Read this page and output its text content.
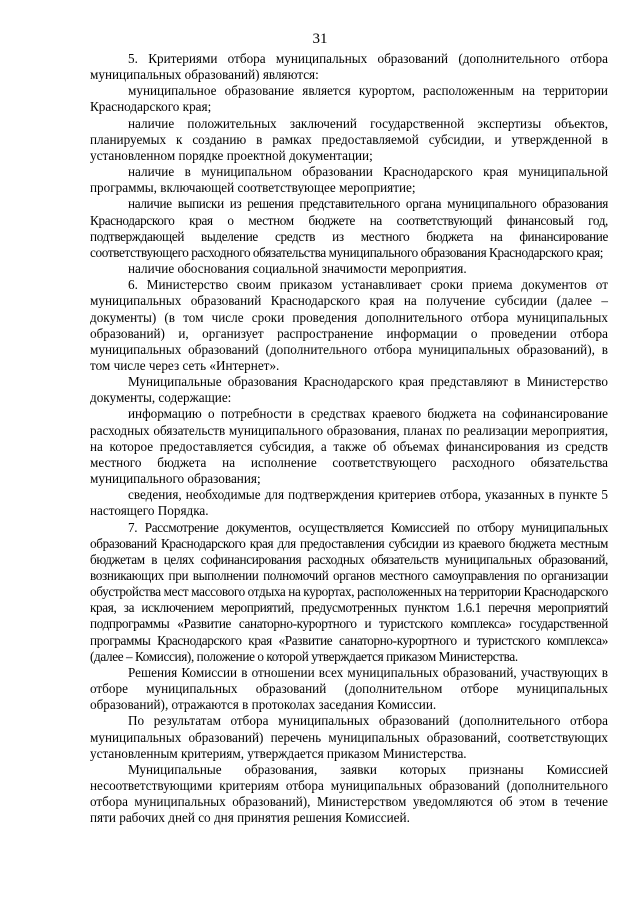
31

5. Критериями отбора муниципальных образований (дополнительного отбора муниципальных образований) являются:

муниципальное образование является курортом, расположенным на территории Краснодарского края;

наличие положительных заключений государственной экспертизы объектов, планируемых к созданию в рамках предоставляемой субсидии, и утвержденной в установленном порядке проектной документации;

наличие в муниципальном образовании Краснодарского края муниципальной программы, включающей соответствующее мероприятие;

наличие выписки из решения представительного органа муниципального образования Краснодарского края о местном бюджете на соответствующий финансовый год, подтверждающей выделение средств из местного бюджета на финансирование соответствующего расходного обязательства муниципального образования Краснодарского края;

наличие обоснования социальной значимости мероприятия.

6. Министерство своим приказом устанавливает сроки приема документов от муниципальных образований Краснодарского края на получение субсидии (далее – документы) (в том числе сроки проведения дополнительного отбора муниципальных образований) и, организует распространение информации о проведении отбора муниципальных образований (дополнительного отбора муниципальных образований), в том числе через сеть «Интернет».

Муниципальные образования Краснодарского края представляют в Министерство документы, содержащие:

информацию о потребности в средствах краевого бюджета на софинансирование расходных обязательств муниципального образования, планах по реализации мероприятия, на которое предоставляется субсидия, а также об объемах финансирования из средств местного бюджета на исполнение соответствующего расходного обязательства муниципального образования;

сведения, необходимые для подтверждения критериев отбора, указанных в пункте 5 настоящего Порядка.

7. Рассмотрение документов, осуществляется Комиссией по отбору муниципальных образований Краснодарского края для предоставления субсидии из краевого бюджета местным бюджетам в целях софинансирования расходных обязательств муниципальных образований, возникающих при выполнении полномочий органов местного самоуправления по организации обустройства мест массового отдыха на курортах, расположенных на территории Краснодарского края, за исключением мероприятий, предусмотренных пунктом 1.6.1 перечня мероприятий подпрограммы «Развитие санаторно-курортного и туристского комплекса» государственной программы Краснодарского края «Развитие санаторно-курортного и туристского комплекса» (далее – Комиссия), положение о которой утверждается приказом Министерства.

Решения Комиссии в отношении всех муниципальных образований, участвующих в отборе муниципальных образований (дополнительном отборе муниципальных образований), отражаются в протоколах заседания Комиссии.

По результатам отбора муниципальных образований (дополнительного отбора муниципальных образований) перечень муниципальных образований, соответствующих установленным критериям, утверждается приказом Министерства.

Муниципальные образования, заявки которых признаны Комиссией несоответствующими критериям отбора муниципальных образований (дополнительного отбора муниципальных образований), Министерством уведомляются об этом в течение пяти рабочих дней со дня принятия решения Комиссией.
